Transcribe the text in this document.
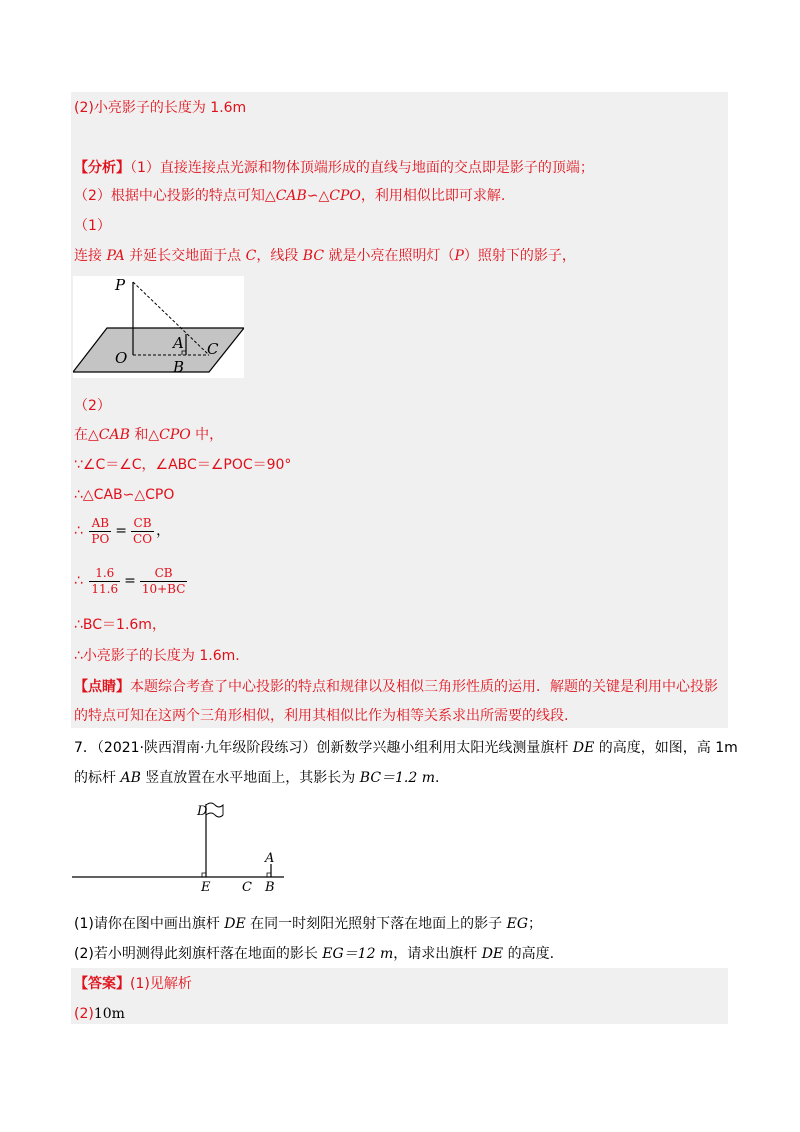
(2)小亮影子的长度为 1.6m
【分析】（1）直接连接点光源和物体顶端形成的直线与地面的交点即是影子的顶端；
（2）根据中心投影的特点可知△CAB∽△CPO，利用相似比即可求解.
（1）
连接 PA 并延长交地面于点 C，线段 BC 就是小亮在照明灯（P）照射下的影子，
P
O
A
B
C
（2）
在△CAB 和△CPO 中，
∵∠C＝∠C，∠ABC＝∠POC＝90°
∴△CAB∽△CPO
∴ $\frac{AB}{PO} = \frac{CB}{CO}$ ，
∴ $\frac{1.6}{11.6} = \frac{CB}{10+BC}$
∴BC＝1.6m，
∴小亮影子的长度为 1.6m.
【点睛】本题综合考查了中心投影的特点和规律以及相似三角形性质的运用．解题的关键是利用中心投影
的特点可知在这两个三角形相似，利用其相似比作为相等关系求出所需要的线段.
7．（2021·陕西渭南·九年级阶段练习）创新数学兴趣小组利用太阳光线测量旗杆 DE 的高度，如图，高 1m
的标杆 AB 竖直放置在水平地面上，其影长为 BC＝1.2 m.
D
E C B
A
(1)请你在图中画出旗杆 DE 在同一时刻阳光照射下落在地面上的影子 EG；
(2)若小明测得此刻旗杆落在地面的影长 EG＝12 m，请求出旗杆 DE 的高度.
【答案】(1)见解析
(2)10m
